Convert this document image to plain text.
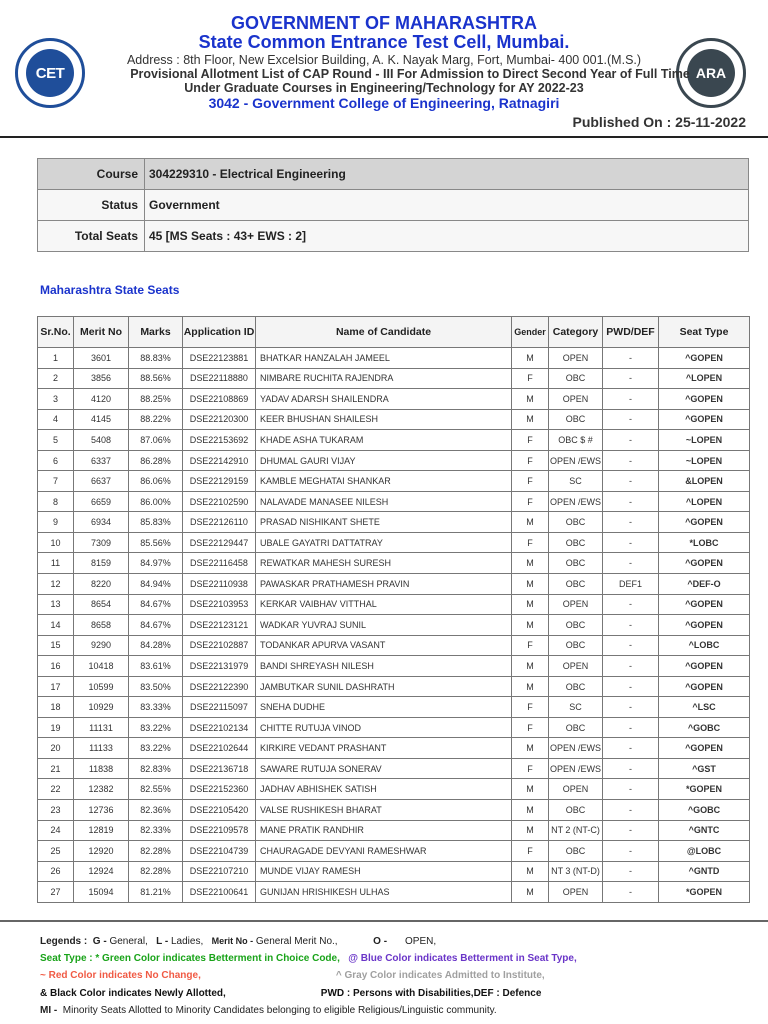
CET	ARA
GOVERNMENT OF MAHARASHTRA
State Common Entrance Test Cell, Mumbai.
Address : 8th Floor, New Excelsior Building, A. K. Nayak Marg, Fort, Mumbai- 400 001.(M.S.)
Provisional Allotment List of CAP Round - III For Admission to Direct Second Year of Full Time
Under Graduate Courses in Engineering/Technology for AY 2022-23
3042 - Government College of Engineering, Ratnagiri
Published On : 25-11-2022
Course	304229310 - Electrical Engineering
Status	Government
Total Seats	45 [MS Seats : 43+ EWS : 2]
Maharashtra State Seats
Sr.No.	Merit No	Marks	Application ID	Name of Candidate	Gender	Category	PWD/DEF	Seat Type
1	3601	88.83%	DSE22123881	BHATKAR HANZALAH JAMEEL	M	OPEN	-	^GOPEN
2	3856	88.56%	DSE22118880	NIMBARE RUCHITA RAJENDRA	F	OBC	-	^LOPEN
3	4120	88.25%	DSE22108869	YADAV ADARSH SHAILENDRA	M	OPEN	-	^GOPEN
4	4145	88.22%	DSE22120300	KEER BHUSHAN SHAILESH	M	OBC	-	^GOPEN
5	5408	87.06%	DSE22153692	KHADE ASHA TUKARAM	F	OBC $ #	-	~LOPEN
6	6337	86.28%	DSE22142910	DHUMAL GAURI VIJAY	F	OPEN /EWS	-	~LOPEN
7	6637	86.06%	DSE22129159	KAMBLE MEGHATAI SHANKAR	F	SC	-	&LOPEN
8	6659	86.00%	DSE22102590	NALAVADE MANASEE NILESH	F	OPEN /EWS	-	^LOPEN
9	6934	85.83%	DSE22126110	PRASAD NISHIKANT SHETE	M	OBC	-	^GOPEN
10	7309	85.56%	DSE22129447	UBALE GAYATRI DATTATRAY	F	OBC	-	*LOBC
11	8159	84.97%	DSE22116458	REWATKAR MAHESH SURESH	M	OBC	-	^GOPEN
12	8220	84.94%	DSE22110938	PAWASKAR PRATHAMESH PRAVIN	M	OBC	DEF1	^DEF-O
13	8654	84.67%	DSE22103953	KERKAR VAIBHAV VITTHAL	M	OPEN	-	^GOPEN
14	8658	84.67%	DSE22123121	WADKAR YUVRAJ SUNIL	M	OBC	-	^GOPEN
15	9290	84.28%	DSE22102887	TODANKAR APURVA VASANT	F	OBC	-	^LOBC
16	10418	83.61%	DSE22131979	BANDI SHREYASH NILESH	M	OPEN	-	^GOPEN
17	10599	83.50%	DSE22122390	JAMBUTKAR SUNIL DASHRATH	M	OBC	-	^GOPEN
18	10929	83.33%	DSE22115097	SNEHA DUDHE	F	SC	-	^LSC
19	11131	83.22%	DSE22102134	CHITTE RUTUJA VINOD	F	OBC	-	^GOBC
20	11133	83.22%	DSE22102644	KIRKIRE VEDANT PRASHANT	M	OPEN /EWS	-	^GOPEN
21	11838	82.83%	DSE22136718	SAWARE RUTUJA SONERAV	F	OPEN /EWS	-	^GST
22	12382	82.55%	DSE22152360	JADHAV ABHISHEK SATISH	M	OPEN	-	*GOPEN
23	12736	82.36%	DSE22105420	VALSE RUSHIKESH BHARAT	M	OBC	-	^GOBC
24	12819	82.33%	DSE22109578	MANE PRATIK RANDHIR	M	NT 2 (NT-C)	-	^GNTC
25	12920	82.28%	DSE22104739	CHAURAGADE DEVYANI RAMESHWAR	F	OBC	-	@LOBC
26	12924	82.28%	DSE22107210	MUNDE VIJAY RAMESH	M	NT 3 (NT-D)	-	^GNTD
27	15094	81.21%	DSE22100641	GUNIJAN HRISHIKESH ULHAS	M	OPEN	-	*GOPEN
Legends : G - General, L - Ladies, Merit No - General Merit No.,	O - OPEN,
Seat Type : * Green Color indicates Betterment in Choice Code, @ Blue Color indicates Betterment in Seat Type,
~ Red Color indicates No Change,	^ Gray Color indicates Admitted to Institute,
& Black Color indicates Newly Allotted,	PWD : Persons with Disabilities,DEF : Defence
MI - Minority Seats Allotted to Minority Candidates belonging to eligible Religious/Linguistic community.
